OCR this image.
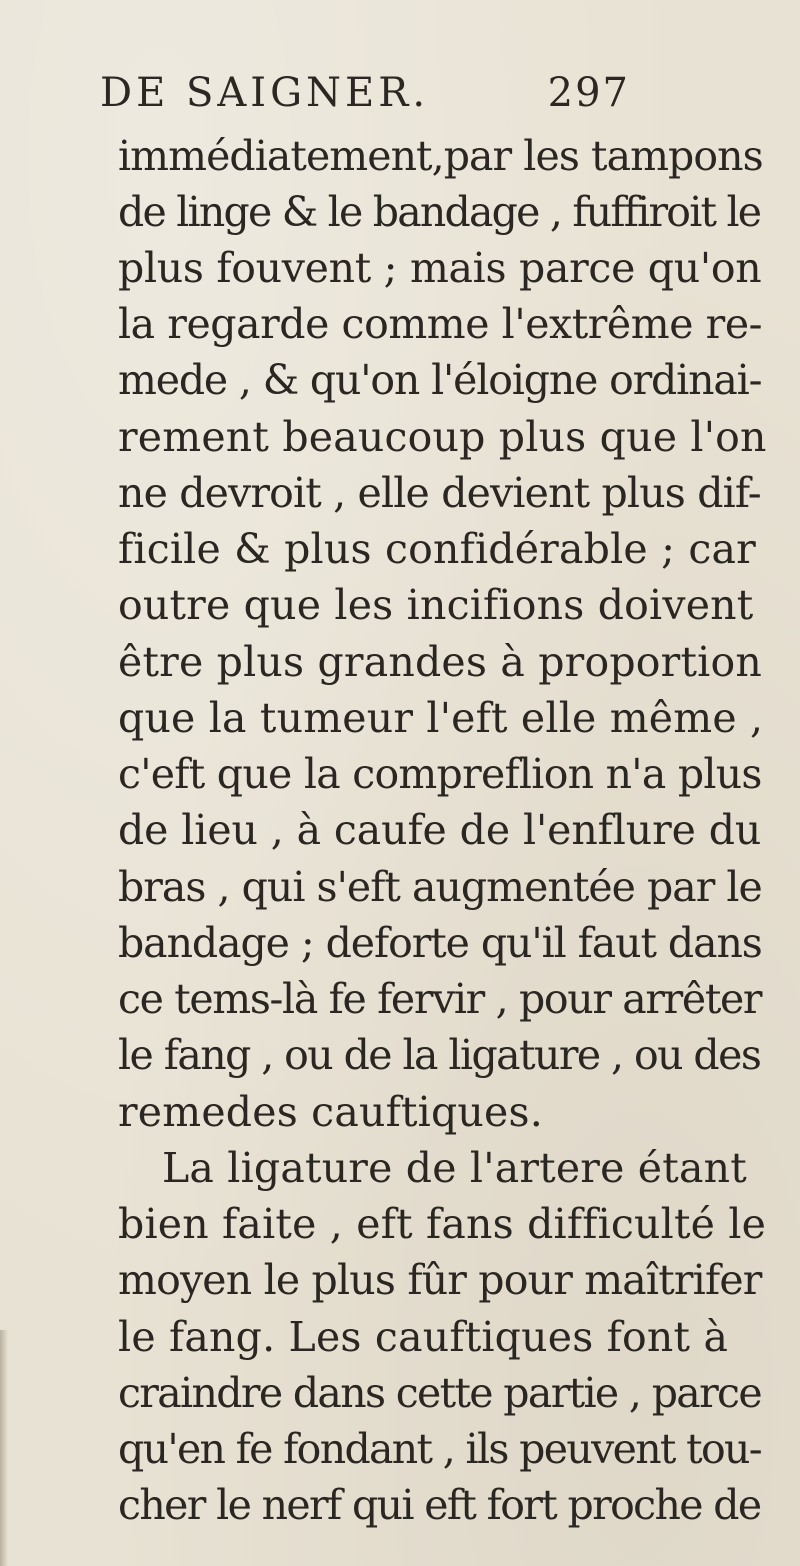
DE SAIGNER.	297
immédiatement,par les tampons
de linge & le bandage , fuffiroit le
plus fouvent ; mais parce qu'on
la regarde comme l'extrême re-
mede , & qu'on l'éloigne ordinai-
rement beaucoup plus que l'on
ne devroit , elle devient plus dif-
ficile & plus confidérable ; car
outre que les incifions doivent
être plus grandes à proportion
que la tumeur l'eft elle même ,
c'eft que la compreflion n'a plus
de lieu , à caufe de l'enflure du
bras , qui s'eft augmentée par le
bandage ; deforte qu'il faut dans
ce tems-là fe fervir , pour arrêter
le fang , ou de la ligature , ou des
remedes cauftiques.
La ligature de l'artere étant
bien faite , eft fans difficulté le
moyen le plus fûr pour maîtrifer
le fang. Les cauftiques font à
craindre dans cette partie , parce
qu'en fe fondant , ils peuvent tou-
cher le nerf qui eft fort proche de
